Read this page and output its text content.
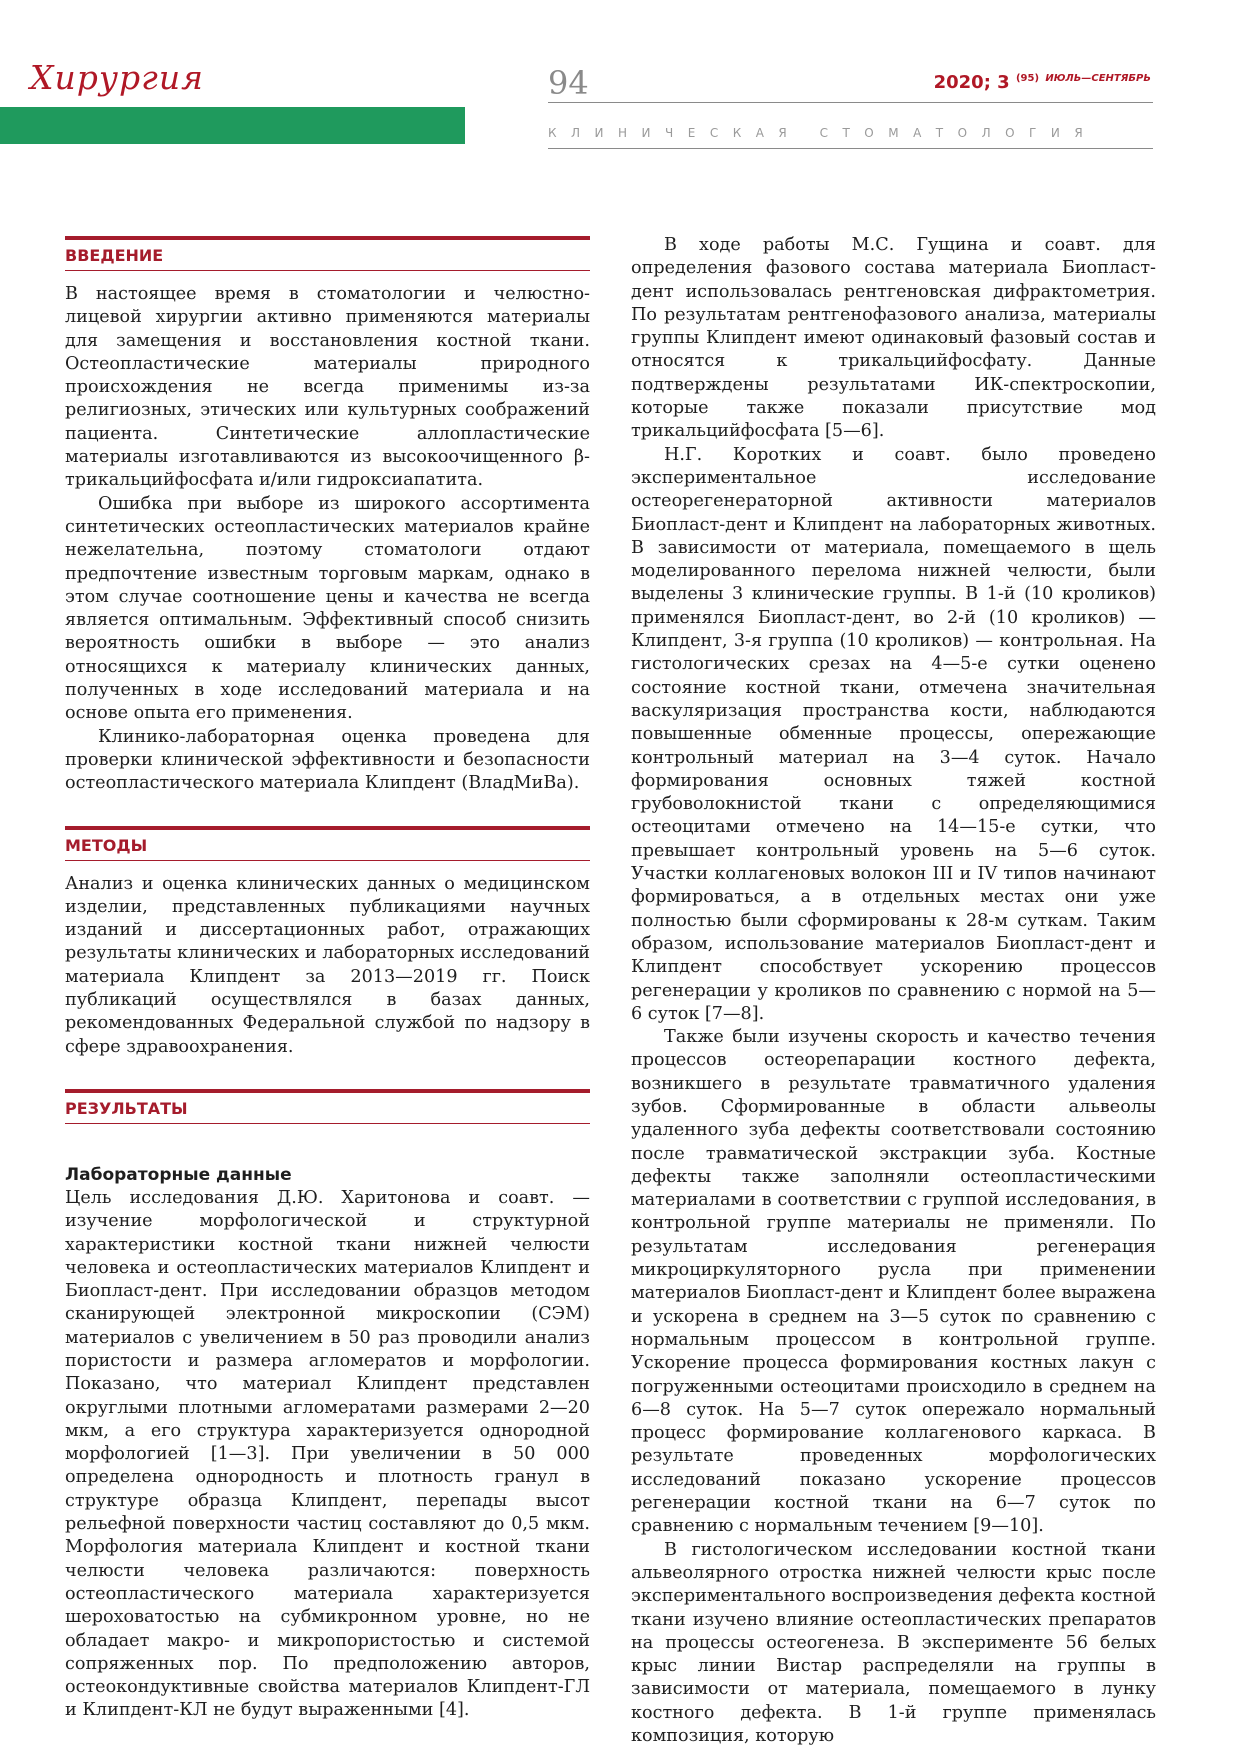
Хирургия	94	2020; 3 $^{(95)}$ $^{ИЮЛЬ—СЕНТЯБРЬ}$
КЛИНИЧЕСКАЯ СТОМАТОЛОГИЯ
ВВЕДЕНИЕ

В настоящее время в стоматологии и челюстно-лицевой хирургии активно применяются материалы для замещения и восстановления костной ткани. Остеопластические материалы природного происхождения не всегда применимы из-за религиозных, этических или культурных соображений пациента. Синтетические аллопластические материалы изготавливаются из высокоочищенного β-трикальцийфосфата и/или гидроксиапатита.

Ошибка при выборе из широкого ассортимента синтетических остеопластических материалов крайне нежелательна, поэтому стоматологи отдают предпочтение известным торговым маркам, однако в этом случае соотношение цены и качества не всегда является оптимальным. Эффективный способ снизить вероятность ошибки в выборе — это анализ относящихся к материалу клинических данных, полученных в ходе исследований материала и на основе опыта его применения.

Клинико-лабораторная оценка проведена для проверки клинической эффективности и безопасности остеопластического материала Клипдент (ВладМиВа).

МЕТОДЫ

Анализ и оценка клинических данных о медицинском изделии, представленных публикациями научных изданий и диссертационных работ, отражающих результаты клинических и лабораторных исследований материала Клипдент за 2013—2019 гг. Поиск публикаций осуществлялся в базах данных, рекомендованных Федеральной службой по надзору в сфере здравоохранения.

РЕЗУЛЬТАТЫ
Лабораторные данные

Цель исследования Д.Ю. Харитонова и соавт. — изучение морфологической и структурной характеристики костной ткани нижней челюсти человека и остеопластических материалов Клипдент и Биопласт-дент. При исследовании образцов методом сканирующей электронной микроскопии (СЭМ) материалов с увеличением в 50 раз проводили анализ пористости и размера агломератов и морфологии. Показано, что материал Клипдент представлен округлыми плотными агломератами размерами 2—20 мкм, а его структура характеризуется однородной морфологией [1—3]. При увеличении в 50 000 определена однородность и плотность гранул в структуре образца Клипдент, перепады высот рельефной поверхности частиц составляют до 0,5 мкм. Морфология материала Клипдент и костной ткани челюсти человека различаются: поверхность остеопластического материала характеризуется шероховатостью на субмикронном уровне, но не обладает макро- и микропористостью и системой сопряженных пор. По предположению авторов, остеокондуктивные свойства материалов Клипдент-ГЛ и Клипдент-КЛ не будут выраженными [4].

В ходе работы М.С. Гущина и соавт. для определения фазового состава материала Биопласт-дент использовалась рентгеновская дифрактометрия. По результатам рентгенофазового анализа, материалы группы Клипдент имеют одинаковый фазовый состав и относятся к трикальцийфосфату. Данные подтверждены результатами ИК-спектроскопии, которые также показали присутствие мод трикальцийфосфата [5—6].

Н.Г. Коротких и соавт. было проведено экспериментальное исследование остеорегенераторной активности материалов Биопласт-дент и Клипдент на лабораторных животных. В зависимости от материала, помещаемого в щель моделированного перелома нижней челюсти, были выделены 3 клинические группы. В 1-й (10 кроликов) применялся Биопласт-дент, во 2-й (10 кроликов) — Клипдент, 3-я группа (10 кроликов) — контрольная. На гистологических срезах на 4—5-е сутки оценено состояние костной ткани, отмечена значительная васкуляризация пространства кости, наблюдаются повышенные обменные процессы, опережающие контрольный материал на 3—4 суток. Начало формирования основных тяжей костной грубоволокнистой ткани с определяющимися остеоцитами отмечено на 14—15-е сутки, что превышает контрольный уровень на 5—6 суток. Участки коллагеновых волокон III и IV типов начинают формироваться, а в отдельных местах они уже полностью были сформированы к 28-м суткам. Таким образом, использование материалов Биопласт-дент и Клипдент способствует ускорению процессов регенерации у кроликов по сравнению с нормой на 5—6 суток [7—8].

Также были изучены скорость и качество течения процессов остеорепарации костного дефекта, возникшего в результате травматичного удаления зубов. Сформированные в области альвеолы удаленного зуба дефекты соответствовали состоянию после травматической экстракции зуба. Костные дефекты также заполняли остеопластическими материалами в соответствии с группой исследования, в контрольной группе материалы не применяли. По результатам исследования регенерация микроциркуляторного русла при применении материалов Биопласт-дент и Клипдент более выражена и ускорена в среднем на 3—5 суток по сравнению с нормальным процессом в контрольной группе. Ускорение процесса формирования костных лакун с погруженными остеоцитами происходило в среднем на 6—8 суток. На 5—7 суток опережало нормальный процесс формирование коллагенового каркаса. В результате проведенных морфологических исследований показано ускорение процессов регенерации костной ткани на 6—7 суток по сравнению с нормальным течением [9—10].

В гистологическом исследовании костной ткани альвеолярного отростка нижней челюсти крыс после экспериментального воспроизведения дефекта костной ткани изучено влияние остеопластических препаратов на процессы остеогенеза. В эксперименте 56 белых крыс линии Вистар распределяли на группы в зависимости от материала, помещаемого в лунку костного дефекта. В 1-й группе применялась композиция, которую
